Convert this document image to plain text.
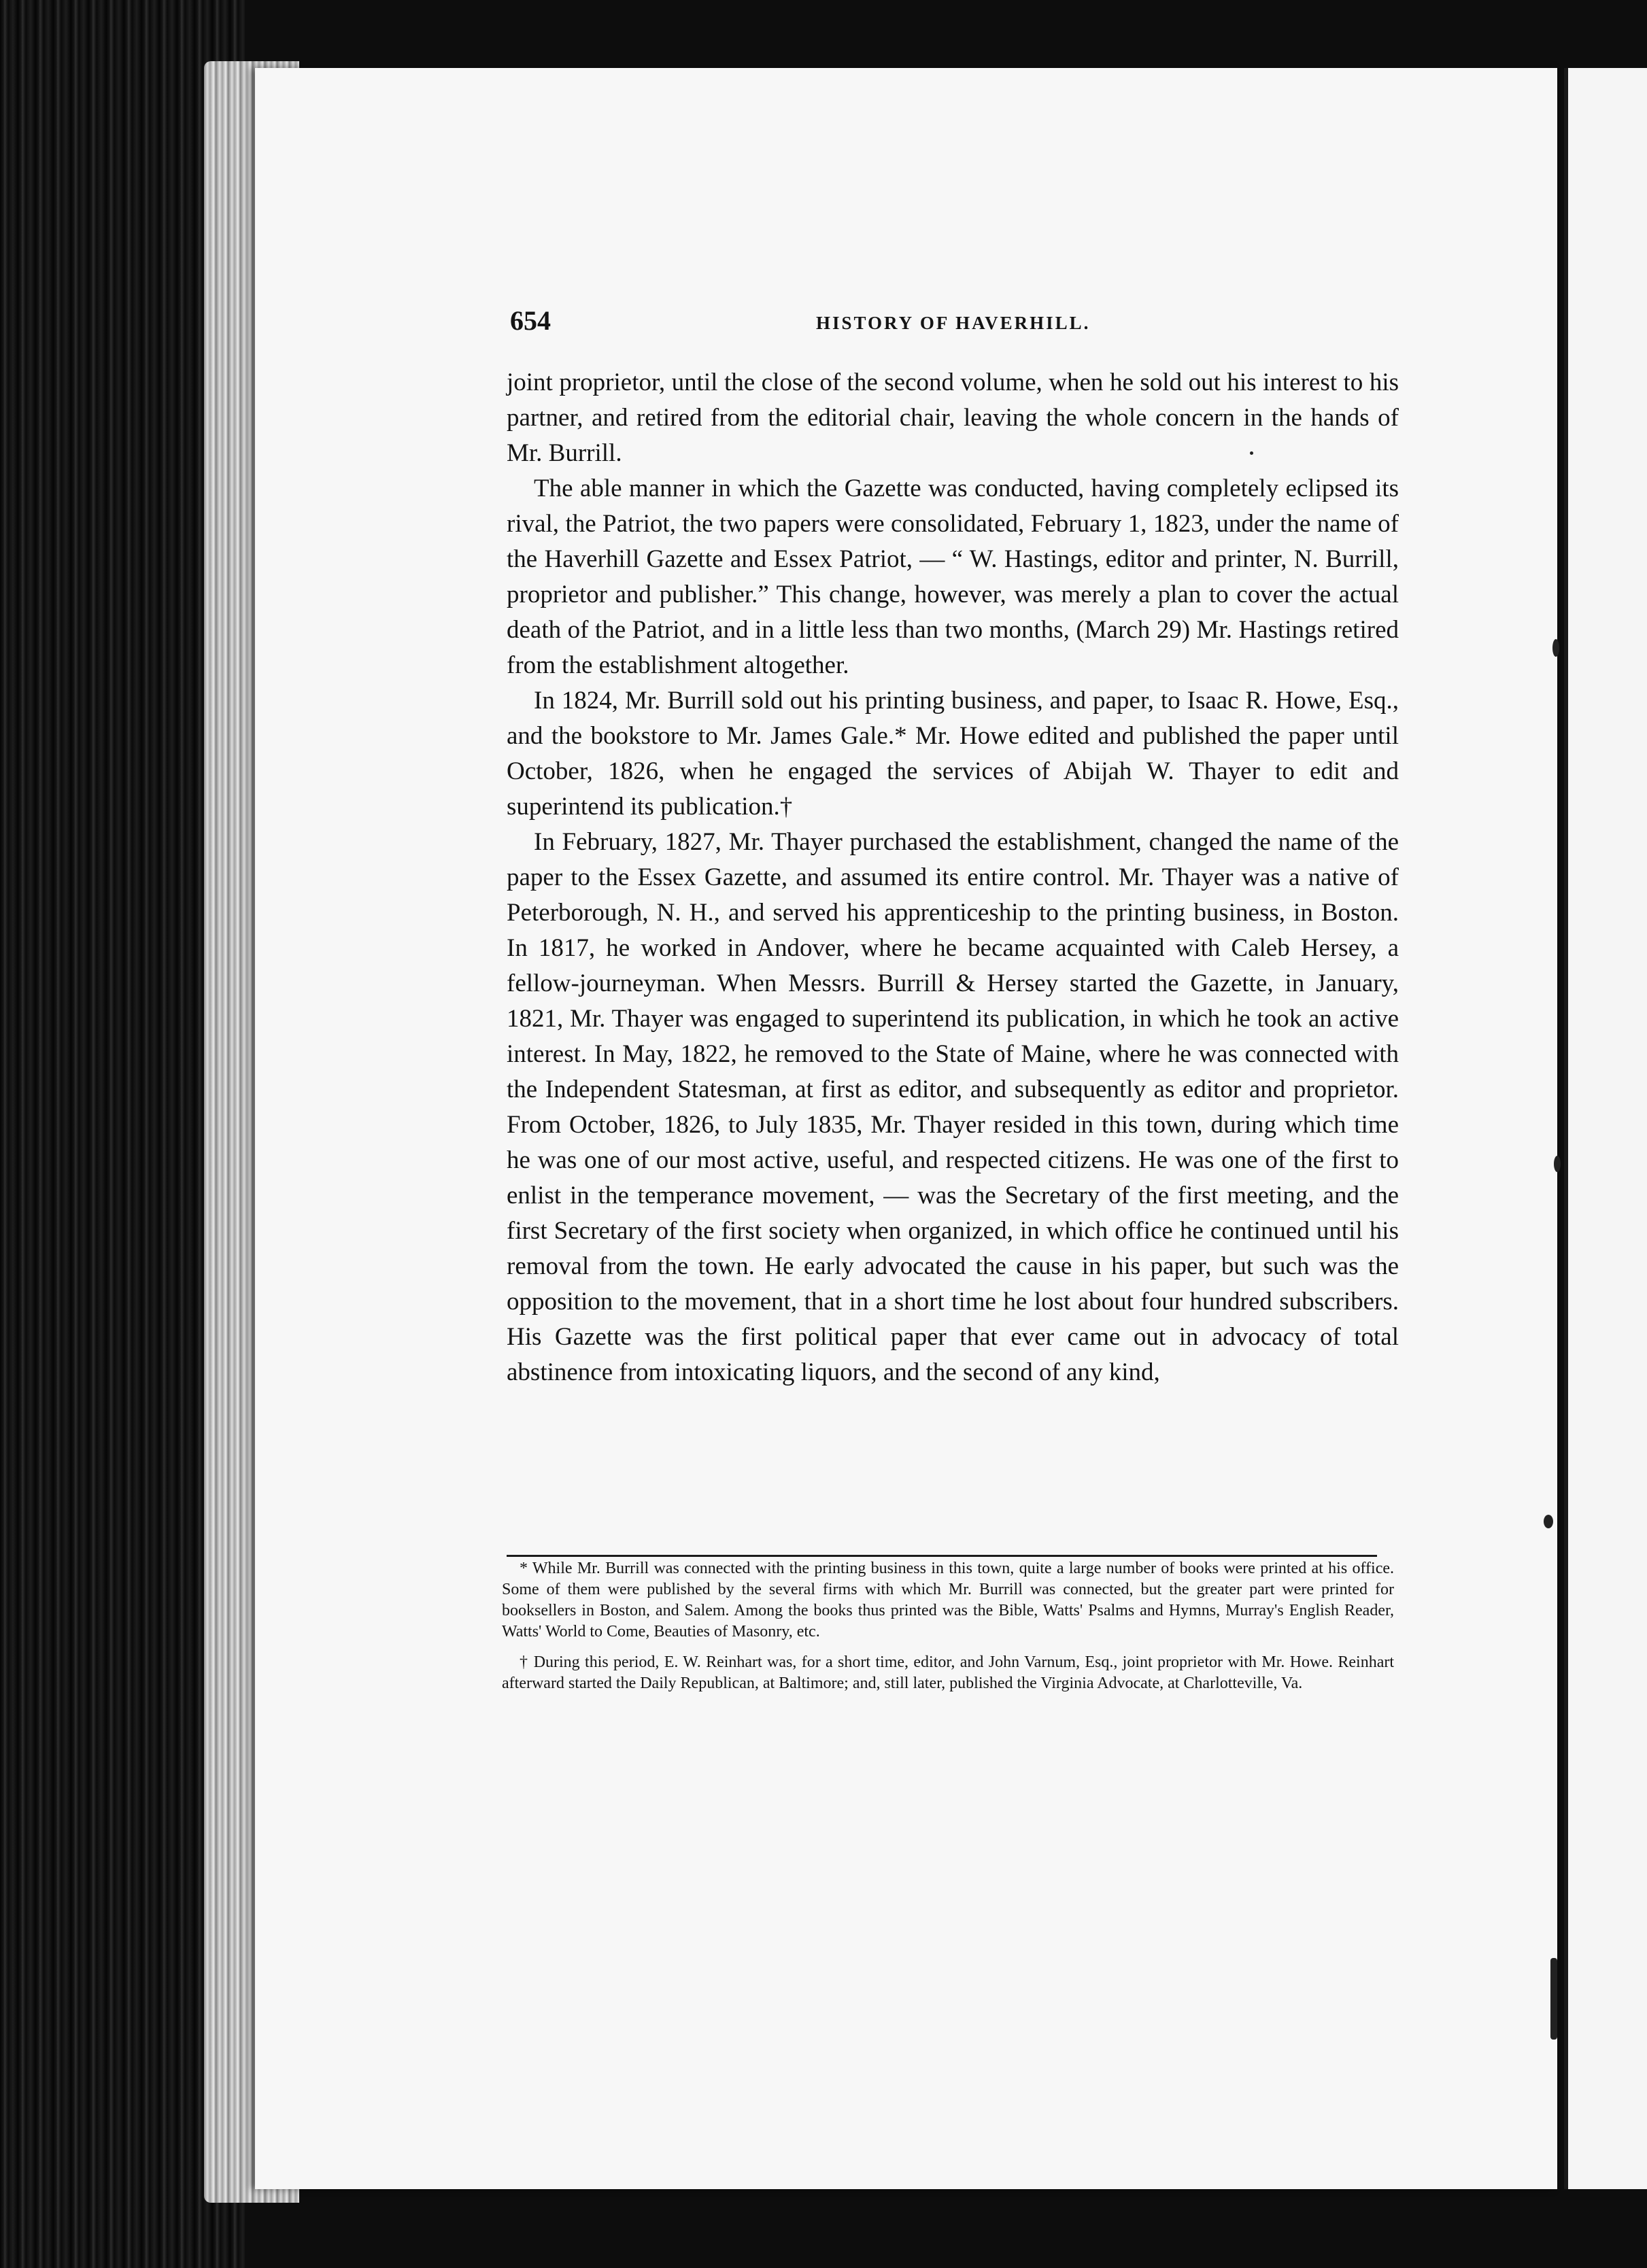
654	HISTORY OF HAVERHILL.

joint proprietor, until the close of the second volume, when he sold out his interest to his partner, and retired from the editorial chair, leaving the whole concern in the hands of Mr. Burrill.

The able manner in which the Gazette was conducted, having completely eclipsed its rival, the Patriot, the two papers were consolidated, February 1, 1823, under the name of the Haverhill Gazette and Essex Patriot, — “ W. Hastings, editor and printer, N. Burrill, proprietor and publisher.” This change, however, was merely a plan to cover the actual death of the Patriot, and in a little less than two months, (March 29) Mr. Hastings retired from the establishment altogether.

In 1824, Mr. Burrill sold out his printing business, and paper, to Isaac R. Howe, Esq., and the bookstore to Mr. James Gale.* Mr. Howe edited and published the paper until October, 1826, when he engaged the services of Abijah W. Thayer to edit and superintend its publication.†

In February, 1827, Mr. Thayer purchased the establishment, changed the name of the paper to the Essex Gazette, and assumed its entire control. Mr. Thayer was a native of Peterborough, N. H., and served his apprenticeship to the printing business, in Boston. In 1817, he worked in Andover, where he became acquainted with Caleb Hersey, a fellow-journeyman. When Messrs. Burrill & Hersey started the Gazette, in January, 1821, Mr. Thayer was engaged to superintend its publication, in which he took an active interest. In May, 1822, he removed to the State of Maine, where he was connected with the Independent Statesman, at first as editor, and subsequently as editor and proprietor. From October, 1826, to July 1835, Mr. Thayer resided in this town, during which time he was one of our most active, useful, and respected citizens. He was one of the first to enlist in the temperance movement, — was the Secretary of the first meeting, and the first Secretary of the first society when organized, in which office he continued until his removal from the town. He early advocated the cause in his paper, but such was the opposition to the movement, that in a short time he lost about four hundred subscribers. His Gazette was the first political paper that ever came out in advocacy of total abstinence from intoxicating liquors, and the second of any kind,

* While Mr. Burrill was connected with the printing business in this town, quite a large number of books were printed at his office. Some of them were published by the several firms with which Mr. Burrill was connected, but the greater part were printed for booksellers in Boston, and Salem. Among the books thus printed was the Bible, Watts' Psalms and Hymns, Murray's English Reader, Watts' World to Come, Beauties of Masonry, etc.

† During this period, E. W. Reinhart was, for a short time, editor, and John Varnum, Esq., joint proprietor with Mr. Howe. Reinhart afterward started the Daily Republican, at Baltimore; and, still later, published the Virginia Advocate, at Charlotteville, Va.
